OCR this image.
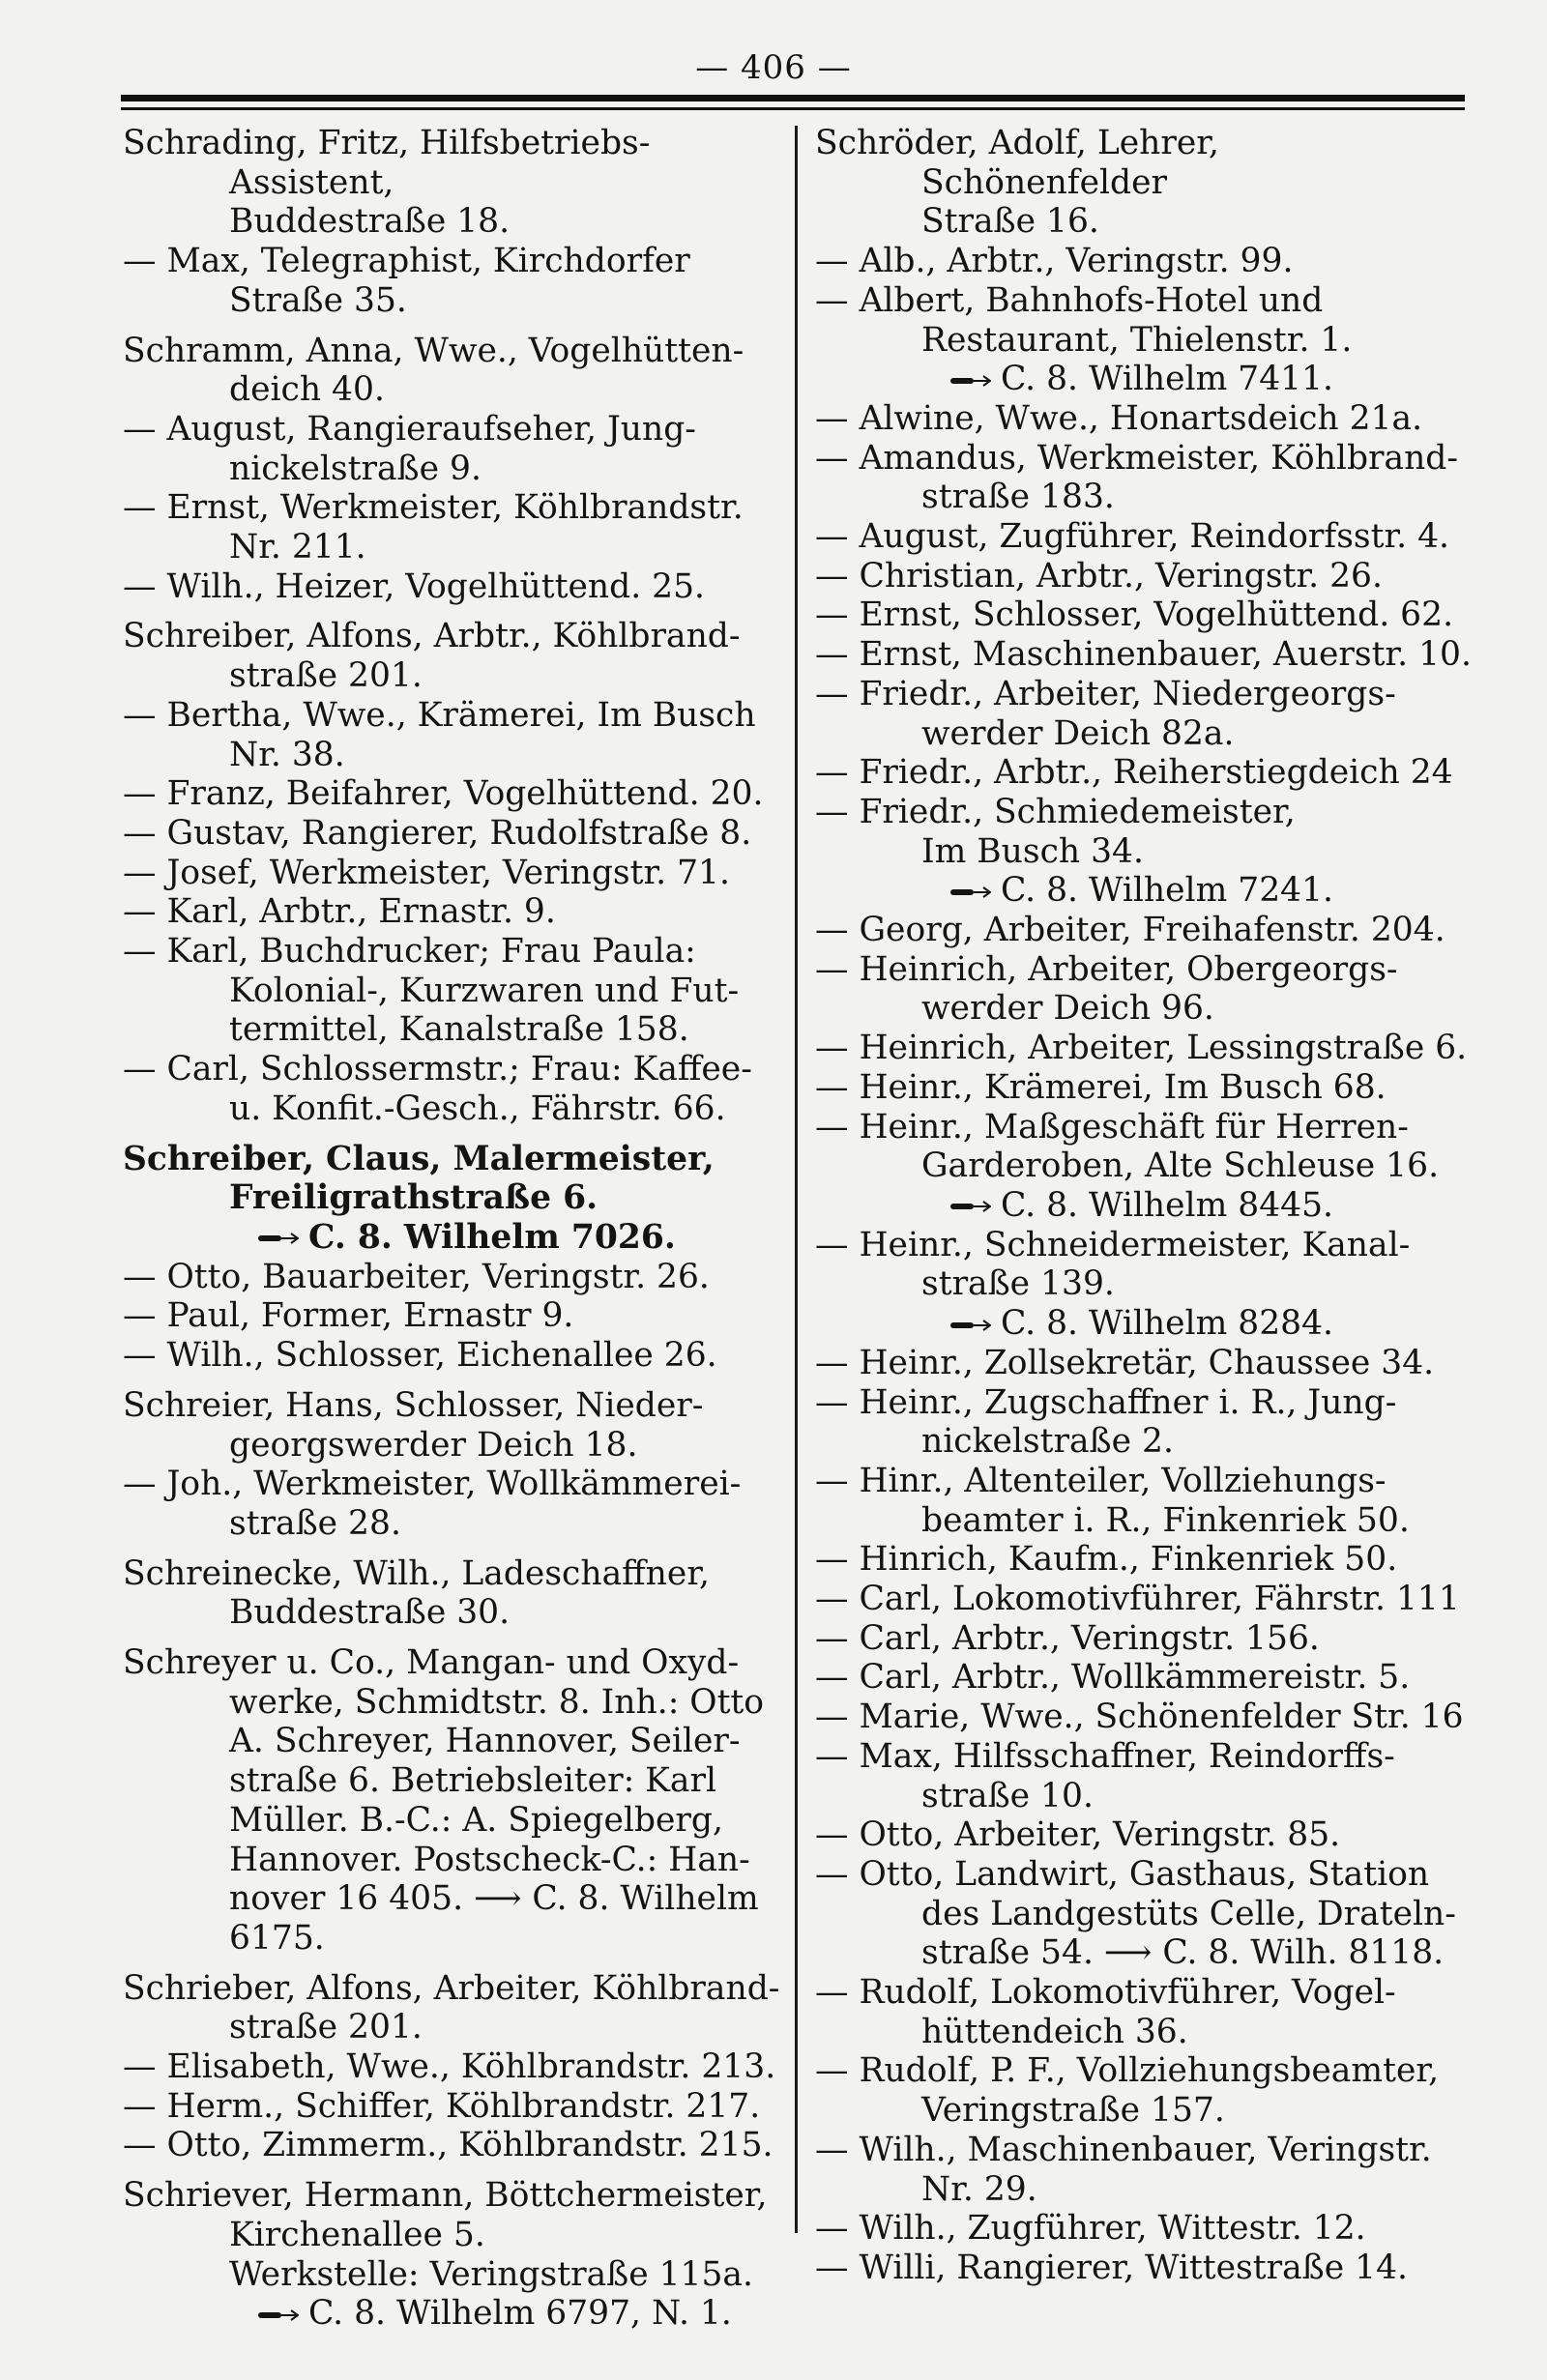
— 406 —

Schrading, Fritz, Hilfsbetriebs-Assistent,
Buddestraße 18.

— Max, Telegraphist, Kirchdorfer
Straße 35.

Schramm, Anna, Wwe., Vogelhütten-
deich 40.

— August, Rangieraufseher, Jung-
nickelstraße 9.

— Ernst, Werkmeister, Köhlbrandstr.
Nr. 211.

— Wilh., Heizer, Vogelhüttend. 25.

Schreiber, Alfons, Arbtr., Köhlbrand-
straße 201.

— Bertha, Wwe., Krämerei, Im Busch
Nr. 38.

— Franz, Beifahrer, Vogelhüttend. 20.

— Gustav, Rangierer, Rudolfstraße 8.

— Josef, Werkmeister, Veringstr. 71.

— Karl, Arbtr., Ernastr. 9.

— Karl, Buchdrucker; Frau Paula:
Kolonial-, Kurzwaren und Fut-
termittel, Kanalstraße 158.

— Carl, Schlossermstr.; Frau: Kaffee-
u. Konfit.-Gesch., Fährstr. 66.

Schreiber, Claus, Malermeister,
Freiligrathstraße 6.
C. 8. Wilhelm 7026.

— Otto, Bauarbeiter, Veringstr. 26.

— Paul, Former, Ernastr 9.

— Wilh., Schlosser, Eichenallee 26.

Schreier, Hans, Schlosser, Nieder-
georgswerder Deich 18.

— Joh., Werkmeister, Wollkämmerei-
straße 28.

Schreinecke, Wilh., Ladeschaffner,
Buddestraße 30.

Schreyer u. Co., Mangan- und Oxyd-
werke, Schmidtstr. 8. Inh.: Otto
A. Schreyer, Hannover, Seiler-
straße 6. Betriebsleiter: Karl
Müller. B.-C.: A. Spiegelberg,
Hannover. Postscheck-C.: Han-
nover 16 405. ⟶ C. 8. Wilhelm
6175.

Schrieber, Alfons, Arbeiter, Köhlbrand-
straße 201.

— Elisabeth, Wwe., Köhlbrandstr. 213.

— Herm., Schiffer, Köhlbrandstr. 217.

— Otto, Zimmerm., Köhlbrandstr. 215.

Schriever, Hermann, Böttchermeister,
Kirchenallee 5.
Werkstelle: Veringstraße 115a.
C. 8. Wilhelm 6797, N. 1.

Schröder, Adolf, Lehrer, Schönenfelder
Straße 16.

— Alb., Arbtr., Veringstr. 99.

— Albert, Bahnhofs-Hotel und
Restaurant, Thielenstr. 1.
C. 8. Wilhelm 7411.

— Alwine, Wwe., Honartsdeich 21a.

— Amandus, Werkmeister, Köhlbrand-
straße 183.

— August, Zugführer, Reindorfsstr. 4.

— Christian, Arbtr., Veringstr. 26.

— Ernst, Schlosser, Vogelhüttend. 62.

— Ernst, Maschinenbauer, Auerstr. 10.

— Friedr., Arbeiter, Niedergeorgs-
werder Deich 82a.

— Friedr., Arbtr., Reiherstiegdeich 24

— Friedr., Schmiedemeister,
Im Busch 34.
C. 8. Wilhelm 7241.

— Georg, Arbeiter, Freihafenstr. 204.

— Heinrich, Arbeiter, Obergeorgs-
werder Deich 96.

— Heinrich, Arbeiter, Lessingstraße 6.

— Heinr., Krämerei, Im Busch 68.

— Heinr., Maßgeschäft für Herren-
Garderoben, Alte Schleuse 16.
C. 8. Wilhelm 8445.

— Heinr., Schneidermeister, Kanal-
straße 139.
C. 8. Wilhelm 8284.

— Heinr., Zollsekretär, Chaussee 34.

— Heinr., Zugschaffner i. R., Jung-
nickelstraße 2.

— Hinr., Altenteiler, Vollziehungs-
beamter i. R., Finkenriek 50.

— Hinrich, Kaufm., Finkenriek 50.

— Carl, Lokomotivführer, Fährstr. 111

— Carl, Arbtr., Veringstr. 156.

— Carl, Arbtr., Wollkämmereistr. 5.

— Marie, Wwe., Schönenfelder Str. 16

— Max, Hilfsschaffner, Reindorffs-
straße 10.

— Otto, Arbeiter, Veringstr. 85.

— Otto, Landwirt, Gasthaus, Station
des Landgestüts Celle, Drateln-
straße 54. ⟶ C. 8. Wilh. 8118.

— Rudolf, Lokomotivführer, Vogel-
hüttendeich 36.

— Rudolf, P. F., Vollziehungsbeamter,
Veringstraße 157.

— Wilh., Maschinenbauer, Veringstr.
Nr. 29.

— Wilh., Zugführer, Wittestr. 12.

— Willi, Rangierer, Wittestraße 14.
